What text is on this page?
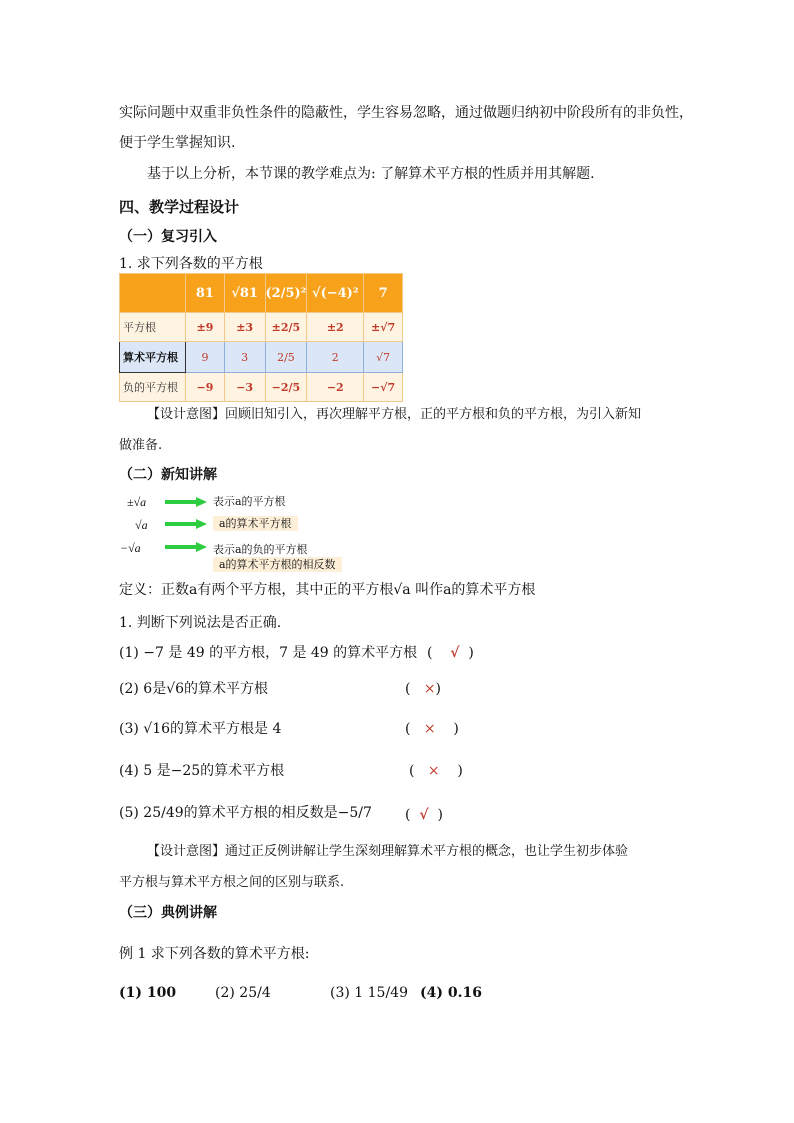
实际问题中双重非负性条件的隐蔽性，学生容易忽略，通过做题归纳初中阶段所有的非负性，
便于学生掌握知识.
基于以上分析，本节课的教学难点为: 了解算术平方根的性质并用其解题.
四、教学过程设计
（一）复习引入
1. 求下列各数的平方根
	81	√81	(2/5)²	√(−4)²	7
平方根	±9	±3	±2/5	±2	±√7
算术平方根	9	3	2/5	2	√7
负的平方根	−9	−3	−2/5	−2	−√7
【设计意图】回顾旧知引入，再次理解平方根，正的平方根和负的平方根，为引入新知
做准备.
（二）新知讲解
±√a	表示a的平方根
√a	a的算术平方根
−√a	表示a的负的平方根
a的算术平方根的相反数
定义：正数a有两个平方根，其中正的平方根√a 叫作a的算术平方根
1. 判断下列说法是否正确.
(1) −7 是 49 的平方根，7 是 49 的算术平方根 (    √  )
(2) 6是√6的算术平方根	(   ×)
(3) √16的算术平方根是 4	(   ×    )
(4) 5 是−25的算术平方根	(   ×    )
(5) 25/49的算术平方根的相反数是−5/7 (  √  )
【设计意图】通过正反例讲解让学生深刻理解算术平方根的概念，也让学生初步体验
平方根与算术平方根之间的区别与联系.
（三）典例讲解
例 1 求下列各数的算术平方根:
(1) 100	(2) 25/4	(3) 1 15/49 (4) 0.16
